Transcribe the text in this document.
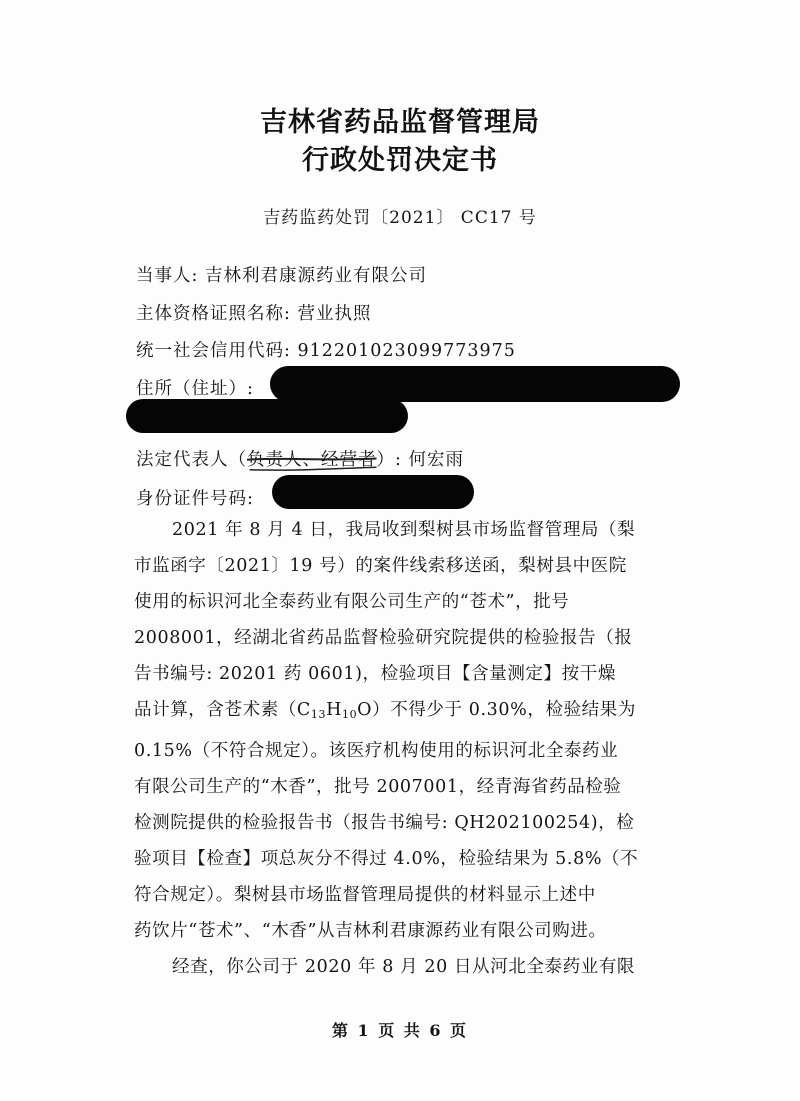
吉林省药品监督管理局
行政处罚决定书
吉药监药处罚〔2021〕 CC17 号
当事人: 吉林利君康源药业有限公司
主体资格证照名称: 营业执照
统一社会信用代码: 912201023099773975
住所（住址）:
法定代表人（负责人、经营者
）: 何宏雨
身份证件号码:
2021 年 8 月 4 日，我局收到梨树县市场监督管理局（梨
市监函字〔2021〕19 号）的案件线索移送函，梨树县中医院
使用的标识河北全泰药业有限公司生产的“苍术”，批号
2008001，经湖北省药品监督检验研究院提供的检验报告（报
告书编号: 20201 药 0601)，检验项目【含量测定】按干燥
品计算，含苍术素$(C_{13}H_{10}O)$不得少于 0.30%，检验结果为
0.15%（不符合规定）。该医疗机构使用的标识河北全泰药业
有限公司生产的“木香”，批号 2007001，经青海省药品检验
检测院提供的检验报告书（报告书编号: QH202100254)，检
验项目【检查】项总灰分不得过 4.0%，检验结果为 5.8%（不
符合规定）。梨树县市场监督管理局提供的材料显示上述中
药饮片“苍术”、“木香”从吉林利君康源药业有限公司购进。
经查，你公司于 2020 年 8 月 20 日从河北全泰药业有限
第 1 页 共 6 页
